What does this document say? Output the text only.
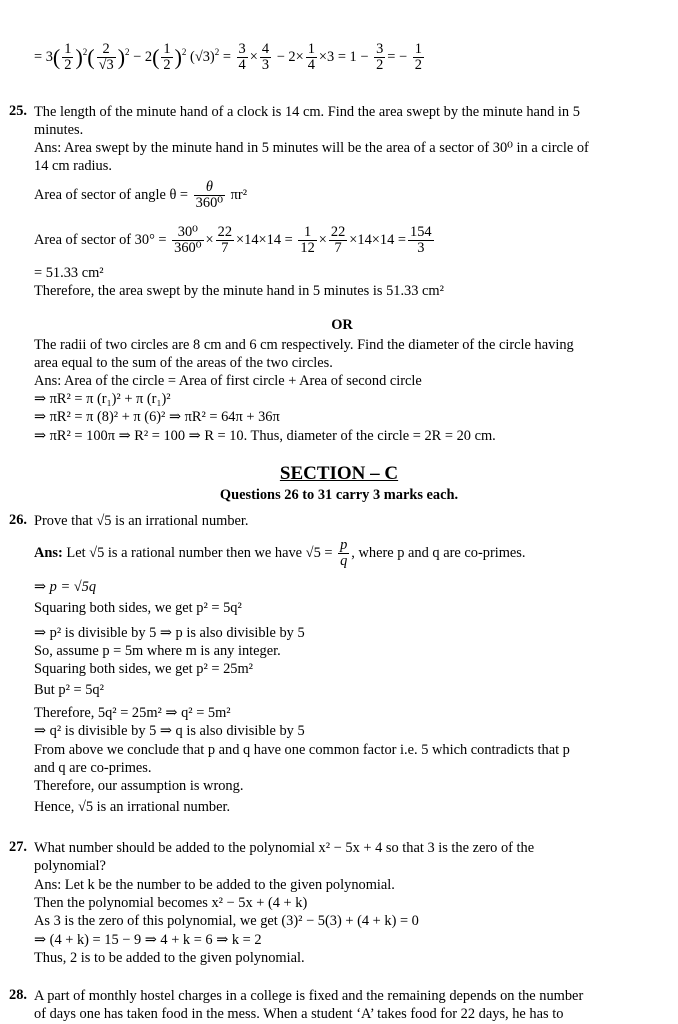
= $3( \frac{1}{2} )^2( \frac{2}{√3} )^2 - 2( \frac{1}{2} )^2$ $(√3)^2 = \frac{3}{4} \times \frac{4}{3} - 2\times \frac{1}{4} \times 3 = 1 - \frac{3}{2}$ = − $\frac{1}{2}$
25. The length of the minute hand of a clock is 14 cm. Find the area swept by the minute hand in 5
minutes.
Ans: Area swept by the minute hand in 5 minutes will be the area of a sector of 30⁰ in a circle of
14 cm radius.
Area of sector of angle $\theta = \frac{\theta}{\text{360⁰}} \pi r^2$
Area of sector of $30^\circ = \frac{\text{30⁰}}{\text{360⁰}} \times \frac{22}{7} \times 14\times 14 = \frac{1}{12} \times \frac{22}{7} \times 14\times 14 = \frac{154}{3}$
= 51.33 cm²
Therefore, the area swept by the minute hand in 5 minutes is 51.33 cm²
OR
The radii of two circles are 8 cm and 6 cm respectively. Find the diameter of the circle having
area equal to the sum of the areas of the two circles.
Ans: Area of the circle = Area of first circle + Area of second circle
⇒ πR² = π (r₁)² + π (r₁)²
⇒ πR² = π (8)² + π (6)² ⇒ πR² = 64π + 36π
⇒ πR² = 100π ⇒ R² = 100 ⇒ R = 10. Thus, diameter of the circle = 2R = 20 cm.
SECTION – C
Questions 26 to 31 carry 3 marks each.
26. Prove that √5 is an irrational number.
Ans: Let √5 is a rational number then we have $√5 = \frac{p}{q}$ , where p and q are co-primes.
⇒ p = √5q
Squaring both sides, we get p² = 5q²
⇒ p² is divisible by 5 ⇒ p is also divisible by 5
So, assume p = 5m where m is any integer.
Squaring both sides, we get p² = 25m²
But p² = 5q²
Therefore, 5q² = 25m² ⇒ q² = 5m²
⇒ q² is divisible by 5 ⇒ q is also divisible by 5
From above we conclude that p and q have one common factor i.e. 5 which contradicts that p
and q are co-primes.
Therefore, our assumption is wrong.
Hence, √5 is an irrational number.
27. What number should be added to the polynomial x² − 5x + 4 so that 3 is the zero of the
polynomial?
Ans: Let k be the number to be added to the given polynomial.
Then the polynomial becomes x² − 5x + (4 + k)
As 3 is the zero of this polynomial, we get (3)² − 5(3) + (4 + k) = 0
⇒ (4 + k) = 15 − 9 ⇒ 4 + k = 6 ⇒ k = 2
Thus, 2 is to be added to the given polynomial.
28. A part of monthly hostel charges in a college is fixed and the remaining depends on the number
of days one has taken food in the mess. When a student ‘A’ takes food for 22 days, he has to
